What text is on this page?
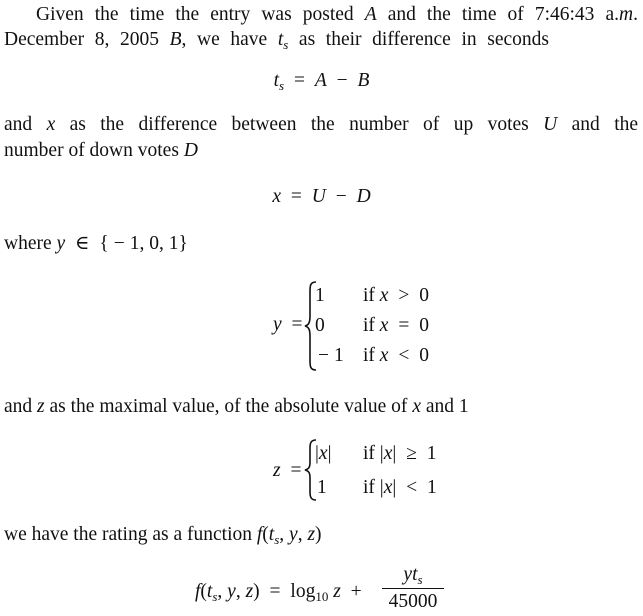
Given the time the entry was posted A and the time of 7:46:43 a.m.
December 8, 2005 B, we have $t_s$ as their difference in seconds
$t_s = A - B$
and x as the difference between the number of up votes U and the
number of down votes D
x = U − D
where y ∈ { − 1, 0, 1}
y =
1 if x > 0
0 if x = 0
− 1 if x < 0
and z as the maximal value, of the absolute value of x and 1
z =
|x| if |x| ≥ 1
1 if |x| < 1
we have the rating as a function $f(t_s$, y, z)
$f(t_s$, y, $z) = \log_{10} z$ +
$yt_s$
45000
